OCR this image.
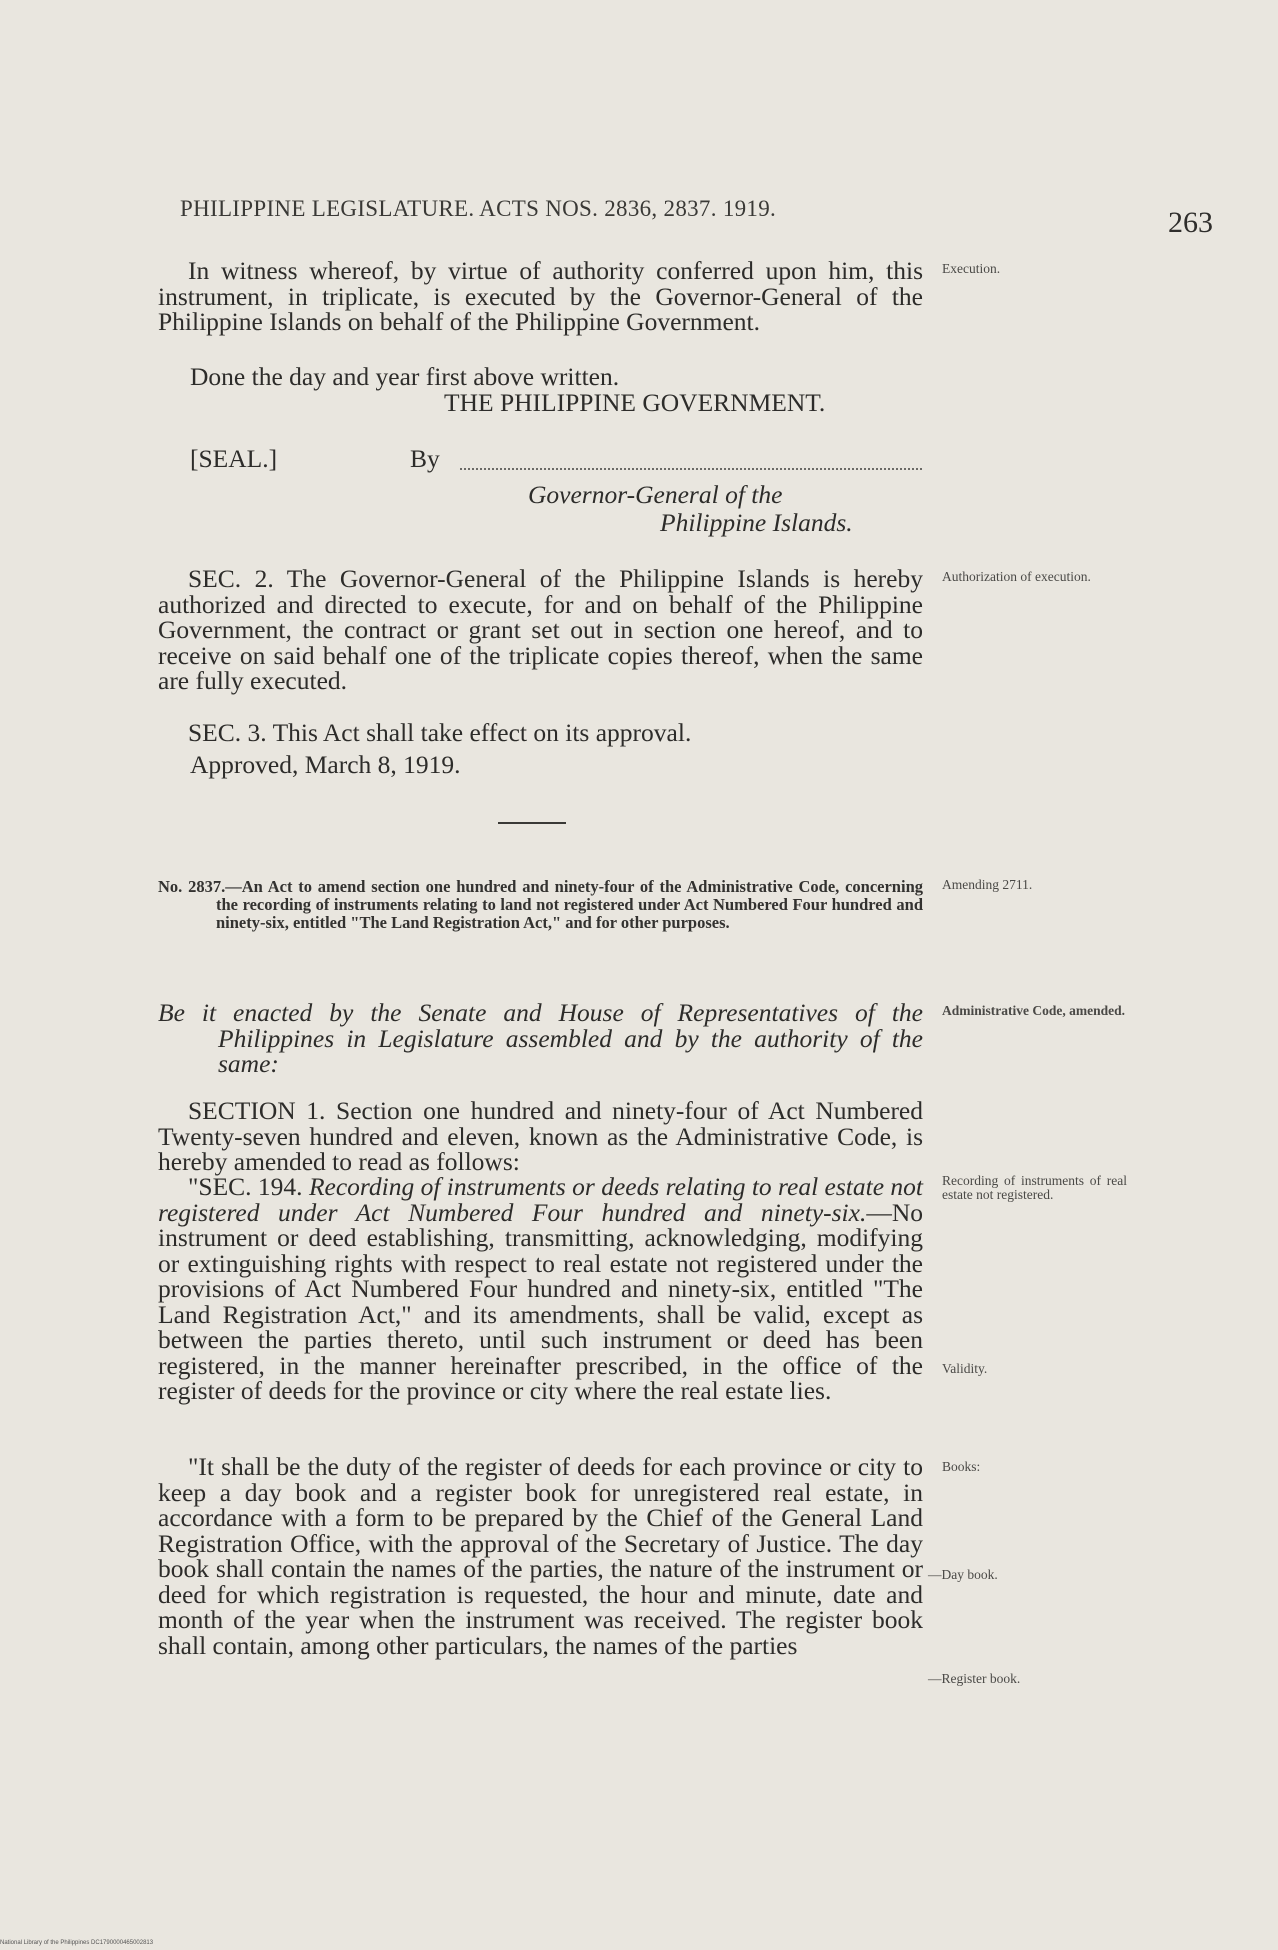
PHILIPPINE LEGISLATURE. ACTS NOS. 2836, 2837. 1919.	263
In witness whereof, by virtue of authority conferred upon him, this instrument, in triplicate, is executed by the Governor-General of the Philippine Islands on behalf of the Philippine Government.
Execution.
Done the day and year first above written.
THE PHILIPPINE GOVERNMENT.
[SEAL.]	By
Governor-General of the
Philippine Islands.
SEC. 2. The Governor-General of the Philippine Islands is hereby authorized and directed to execute, for and on behalf of the Philippine Government, the contract or grant set out in section one hereof, and to receive on said behalf one of the triplicate copies thereof, when the same are fully executed.
Authorization of execution.
SEC. 3. This Act shall take effect on its approval.
Approved, March 8, 1919.
No. 2837.—An Act to amend section one hundred and ninety-four of the Administrative Code, concerning the recording of instruments relating to land not registered under Act Numbered Four hundred and ninety-six, entitled "The Land Registration Act," and for other purposes.
Amending 2711.
Be it enacted by the Senate and House of Representatives of the Philippines in Legislature assembled and by the authority of the same:
Administrative Code, amended.
SECTION 1. Section one hundred and ninety-four of Act Numbered Twenty-seven hundred and eleven, known as the Administrative Code, is hereby amended to read as follows:
"SEC. 194. Recording of instruments or deeds relating to real estate not registered under Act Numbered Four hundred and ninety-six.—No instrument or deed establishing, transmitting, acknowledging, modifying or extinguishing rights with respect to real estate not registered under the provisions of Act Numbered Four hundred and ninety-six, entitled "The Land Registration Act," and its amendments, shall be valid, except as between the parties thereto, until such instrument or deed has been registered, in the manner hereinafter prescribed, in the office of the register of deeds for the province or city where the real estate lies.
Recording of instruments of real estate not registered.
Validity.
"It shall be the duty of the register of deeds for each province or city to keep a day book and a register book for unregistered real estate, in accordance with a form to be prepared by the Chief of the General Land Registration Office, with the approval of the Secretary of Justice. The day book shall contain the names of the parties, the nature of the instrument or deed for which registration is requested, the hour and minute, date and month of the year when the instrument was received. The register book shall contain, among other particulars, the names of the parties
Books:
—Day book.
—Register book.
National Library of the Philippines DC1790000465002813
